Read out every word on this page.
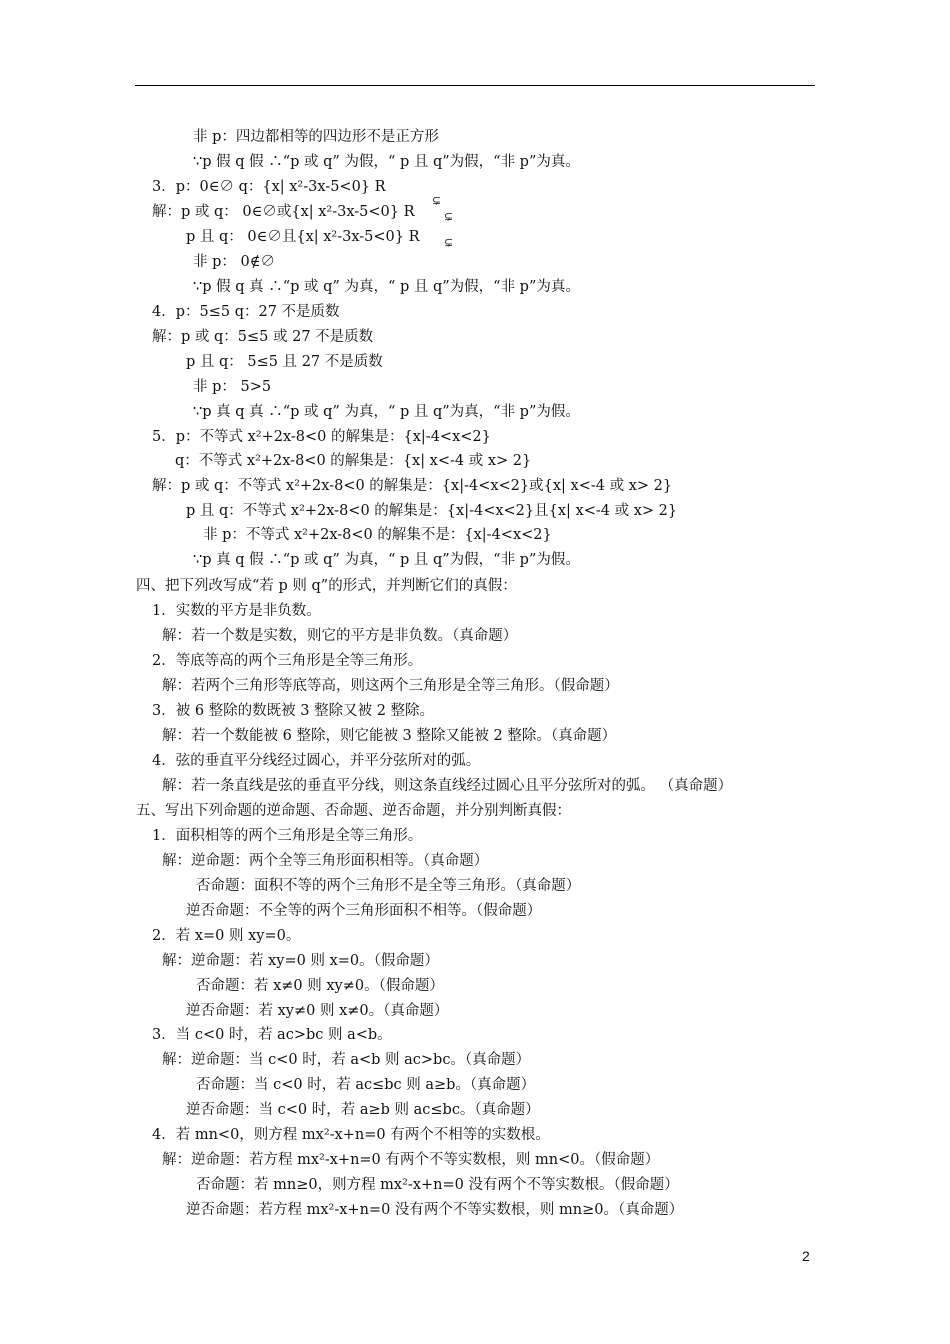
非 p：四边都相等的四边形不是正方形
∵p 假 q 假 ∴“p 或 q” 为假，“ p 且 q”为假，“非 p”为真。
3．p：0∈∅ q：{x| x²-3x-5<0} R
解：p 或 q： 0∈∅或{x| x²-3x-5<0} R
p 且 q： 0∈∅且{x| x²-3x-5<0} R
非 p： 0∉∅
∵p 假 q 真 ∴“p 或 q” 为真，“ p 且 q”为假，“非 p”为真。
4．p：5≤5 q：27 不是质数
解：p 或 q：5≤5 或 27 不是质数
p 且 q： 5≤5 且 27 不是质数
非 p： 5>5
∵p 真 q 真 ∴“p 或 q” 为真，“ p 且 q”为真，“非 p”为假。
5．p：不等式 x²+2x-8<0 的解集是：{x|-4<x<2}
q：不等式 x²+2x-8<0 的解集是：{x| x<-4 或 x> 2}
解：p 或 q：不等式 x²+2x-8<0 的解集是：{x|-4<x<2}或{x| x<-4 或 x> 2}
p 且 q：不等式 x²+2x-8<0 的解集是：{x|-4<x<2}且{x| x<-4 或 x> 2}
非 p：不等式 x²+2x-8<0 的解集不是：{x|-4<x<2}
∵p 真 q 假 ∴“p 或 q” 为真，“ p 且 q”为假，“非 p”为假。
四、把下列改写成“若 p 则 q”的形式，并判断它们的真假：
1．实数的平方是非负数。
解：若一个数是实数，则它的平方是非负数。（真命题）
2．等底等高的两个三角形是全等三角形。
解：若两个三角形等底等高，则这两个三角形是全等三角形。（假命题）
3．被 6 整除的数既被 3 整除又被 2 整除。
解：若一个数能被 6 整除，则它能被 3 整除又能被 2 整除。（真命题）
4．弦的垂直平分线经过圆心，并平分弦所对的弧。
解：若一条直线是弦的垂直平分线，则这条直线经过圆心且平分弦所对的弧。 （真命题）
五、写出下列命题的逆命题、否命题、逆否命题，并分别判断真假：
1．面积相等的两个三角形是全等三角形。
解：逆命题：两个全等三角形面积相等。（真命题）
否命题：面积不等的两个三角形不是全等三角形。（真命题）
逆否命题：不全等的两个三角形面积不相等。（假命题）
2．若 x=0 则 xy=0。
解：逆命题：若 xy=0 则 x=0。（假命题）
否命题：若 x≠0 则 xy≠0。（假命题）
逆否命题：若 xy≠0 则 x≠0。（真命题）
3．当 c<0 时，若 ac>bc 则 a<b。
解：逆命题：当 c<0 时，若 a<b 则 ac>bc。（真命题）
否命题：当 c<0 时，若 ac≤bc 则 a≥b。（真命题）
逆否命题：当 c<0 时，若 a≥b 则 ac≤bc。（真命题）
4．若 mn<0，则方程 mx²-x+n=0 有两个不相等的实数根。
解：逆命题：若方程 mx²-x+n=0 有两个不等实数根，则 mn<0。（假命题）
否命题：若 mn≥0，则方程 mx²-x+n=0 没有两个不等实数根。（假命题）
逆否命题：若方程 mx²-x+n=0 没有两个不等实数根，则 mn≥0。（真命题）
⊊
⊊
⊊
2
